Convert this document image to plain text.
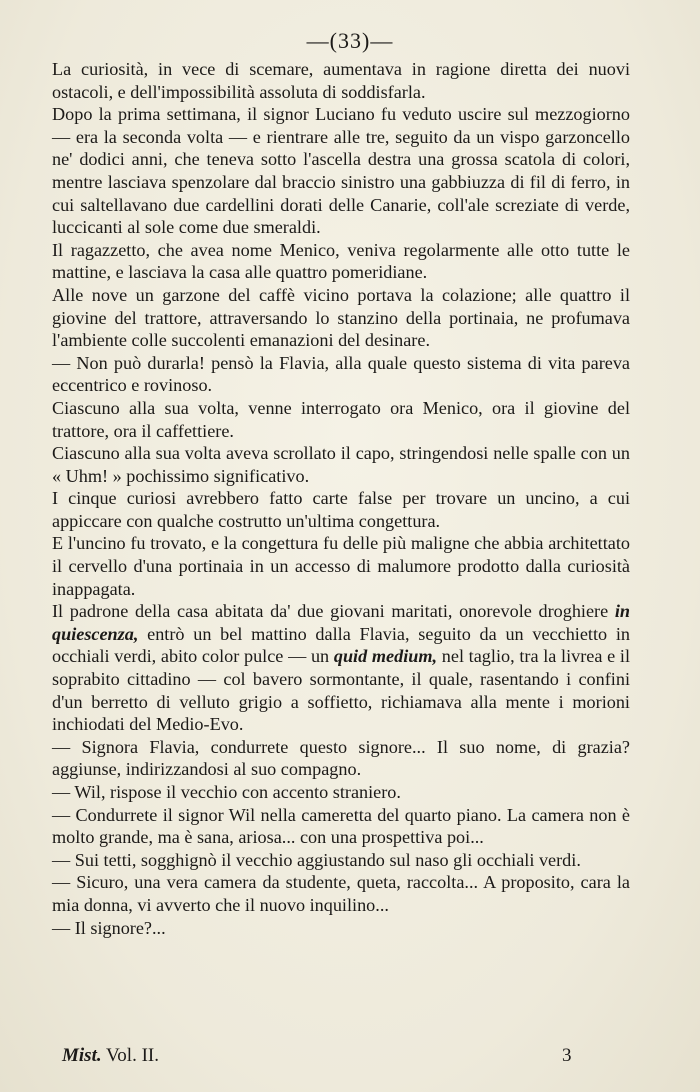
—(33)—

La curiosità, in vece di scemare, aumentava in ragione diretta dei nuovi ostacoli, e dell'impossibilità assoluta di soddisfarla.

Dopo la prima settimana, il signor Luciano fu veduto uscire sul mezzogiorno — era la seconda volta — e rientrare alle tre, seguito da un vispo garzoncello ne' dodici anni, che teneva sotto l'ascella destra una grossa scatola di colori, mentre lasciava spenzolare dal braccio sinistro una gabbiuzza di fil di ferro, in cui saltellavano due cardellini dorati delle Canarie, coll'ale screziate di verde, luccicanti al sole come due smeraldi.

Il ragazzetto, che avea nome Menico, veniva regolarmente alle otto tutte le mattine, e lasciava la casa alle quattro pomeridiane.

Alle nove un garzone del caffè vicino portava la colazione; alle quattro il giovine del trattore, attraversando lo stanzino della portinaia, ne profumava l'ambiente colle succolenti emanazioni del desinare.

— Non può durarla! pensò la Flavia, alla quale questo sistema di vita pareva eccentrico e rovinoso.

Ciascuno alla sua volta, venne interrogato ora Menico, ora il giovine del trattore, ora il caffettiere.

Ciascuno alla sua volta aveva scrollato il capo, stringendosi nelle spalle con un « Uhm! » pochissimo significativo.

I cinque curiosi avrebbero fatto carte false per trovare un uncino, a cui appiccare con qualche costrutto un'ultima congettura.

E l'uncino fu trovato, e la congettura fu delle più maligne che abbia architettato il cervello d'una portinaia in un accesso di malumore prodotto dalla curiosità inappagata.

Il padrone della casa abitata da' due giovani maritati, onorevole droghiere in quiescenza, entrò un bel mattino dalla Flavia, seguito da un vecchietto in occhiali verdi, abito color pulce — un quid medium, nel taglio, tra la livrea e il soprabito cittadino — col bavero sormontante, il quale, rasentando i confini d'un berretto di velluto grigio a soffietto, richiamava alla mente i morioni inchiodati del Medio-Evo.

— Signora Flavia, condurrete questo signore... Il suo nome, di grazia? aggiunse, indirizzandosi al suo compagno.

— Wil, rispose il vecchio con accento straniero.

— Condurrete il signor Wil nella cameretta del quarto piano. La camera non è molto grande, ma è sana, ariosa... con una prospettiva poi...

— Sui tetti, sogghignò il vecchio aggiustando sul naso gli occhiali verdi.

— Sicuro, una vera camera da studente, queta, raccolta... A proposito, cara la mia donna, vi avverto che il nuovo inquilino...

— Il signore?...

Mist. Vol. II.	3
